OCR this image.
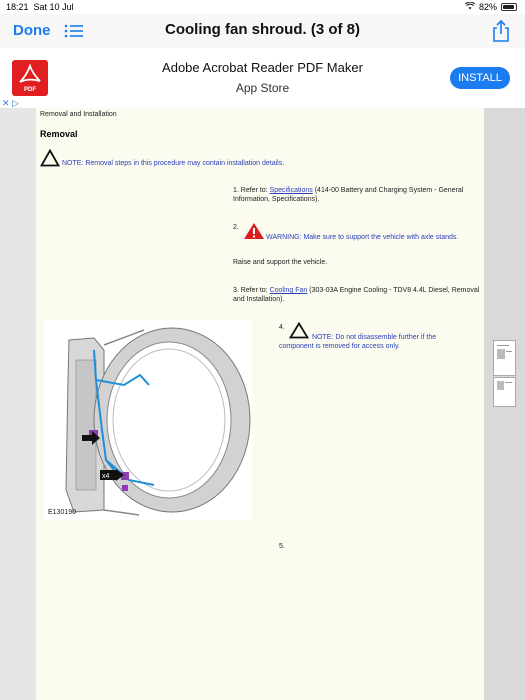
18:21 Sat 10 Jul	82%
Done	Cooling fan shroud. (3 of 8)
PDF
Adobe Acrobat Reader PDF Maker
App Store
INSTALL
✕ ▷
Removal and Installation
Removal
NOTE: Removal steps in this procedure may contain installation details.
1. Refer to: Specifications (414-00 Battery and Charging System - General Information, Specifications).
2.
WARNING: Make sure to support the vehicle with axle stands.
Raise and support the vehicle.
3. Refer to: Cooling Fan (303-03A Engine Cooling - TDV8 4.4L Diesel, Removal and Installation).
4.
NOTE: Do not disassemble further if the component is removed for access only.
x4
E130190
5.
